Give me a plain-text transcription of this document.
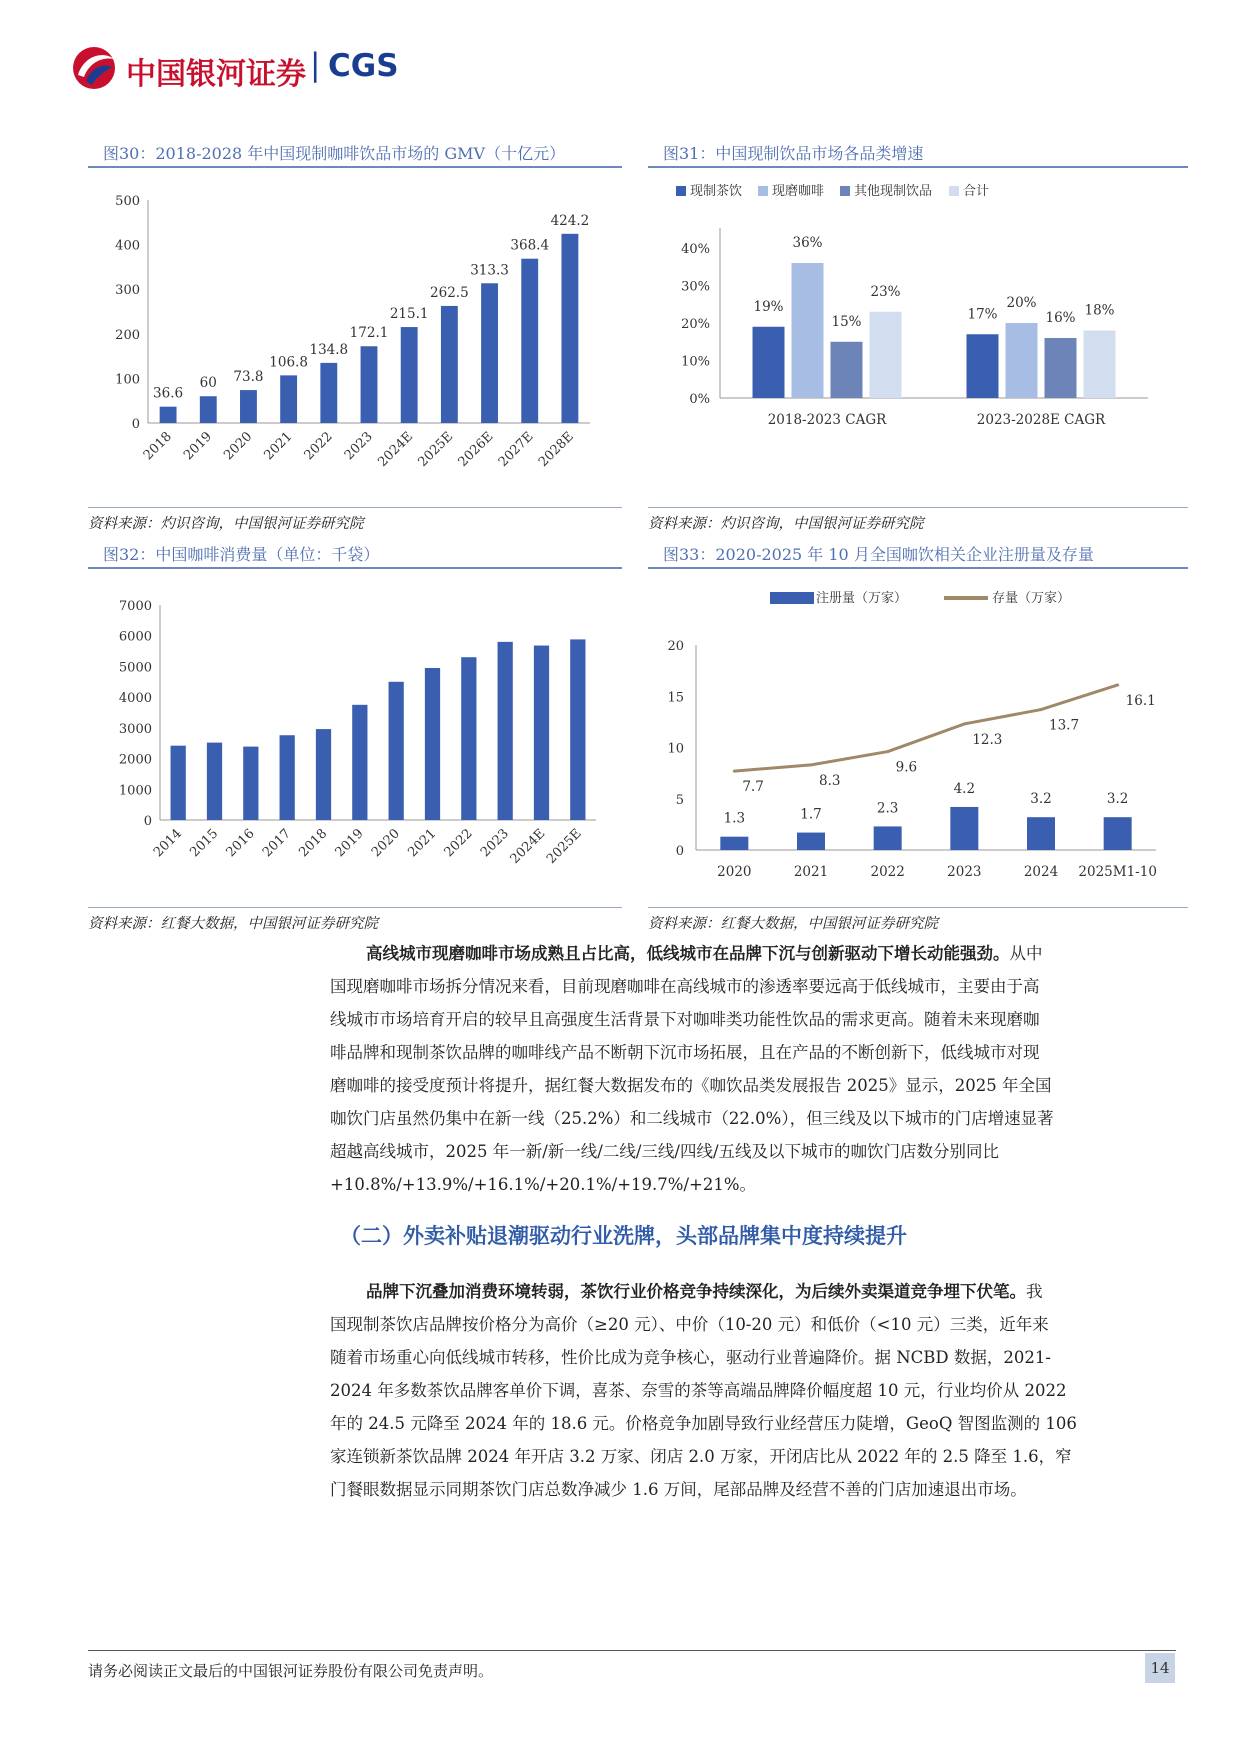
中国银河证券 | CGS
图30：2018-2028 年中国现制咖啡饮品市场的 GMV（十亿元）
0
100
200
300
400
500
36.6
2018
60
2019
73.8
2020
106.8
2021
134.8
2022
172.1
2023
215.1
2024E
262.5
2025E
313.3
2026E
368.4
2027E
424.2
2028E
资料来源：灼识咨询，中国银河证券研究院
图31：中国现制饮品市场各品类增速
0%
10%
20%
30%
40%
现制茶饮 现磨咖啡 其他现制饮品 合计
19%
36%
15%
23%
2018-2023 CAGR
17%
20%
16% 18%
2023-2028E CAGR
资料来源：灼识咨询，中国银河证券研究院
图32：中国咖啡消费量（单位：千袋）
0
1000
2000
3000
4000
5000
6000
7000
2014 2015 2016 2017 2018 2019 2020 2021 2022 2023
2024E
2025E
资料来源：红餐大数据，中国银河证券研究院
图33：2020-2025 年 10 月全国咖饮相关企业注册量及存量
0
5
10
15
20
注册量（万家）	存量（万家）
1.3
2020
1.7
2021
2.3
2022
4.2
2023
3.2
2024
3.2
2025M1-10
7.7	8.3
9.6
12.3
13.7
16.1
资料来源：红餐大数据，中国银河证券研究院
高线城市现磨咖啡市场成熟且占比高，低线城市在品牌下沉与创新驱动下增长动能强劲。从中
国现磨咖啡市场拆分情况来看，目前现磨咖啡在高线城市的渗透率要远高于低线城市，主要由于高
线城市市场培育开启的较早且高强度生活背景下对咖啡类功能性饮品的需求更高。随着未来现磨咖
啡品牌和现制茶饮品牌的咖啡线产品不断朝下沉市场拓展，且在产品的不断创新下，低线城市对现
磨咖啡的接受度预计将提升，据红餐大数据发布的《咖饮品类发展报告 2025》显示，2025 年全国
咖饮门店虽然仍集中在新一线（25.2%）和二线城市（22.0%），但三线及以下城市的门店增速显著
超越高线城市，2025 年一新/新一线/二线/三线/四线/五线及以下城市的咖饮门店数分别同比
+10.8%/+13.9%/+16.1%/+20.1%/+19.7%/+21%。
（二）外卖补贴退潮驱动行业洗牌，头部品牌集中度持续提升
品牌下沉叠加消费环境转弱，茶饮行业价格竞争持续深化，为后续外卖渠道竞争埋下伏笔。我
国现制茶饮店品牌按价格分为高价（≥20 元）、中价（10-20 元）和低价（<10 元）三类，近年来
随着市场重心向低线城市转移，性价比成为竞争核心，驱动行业普遍降价。据 NCBD 数据，2021-
2024 年多数茶饮品牌客单价下调，喜茶、奈雪的茶等高端品牌降价幅度超 10 元，行业均价从 2022
年的 24.5 元降至 2024 年的 18.6 元。价格竞争加剧导致行业经营压力陡增，GeoQ 智图监测的 106
家连锁新茶饮品牌 2024 年开店 3.2 万家、闭店 2.0 万家，开闭店比从 2022 年的 2.5 降至 1.6，窄
门餐眼数据显示同期茶饮门店总数净减少 1.6 万间，尾部品牌及经营不善的门店加速退出市场。
请务必阅读正文最后的中国银河证券股份有限公司免责声明。	14
